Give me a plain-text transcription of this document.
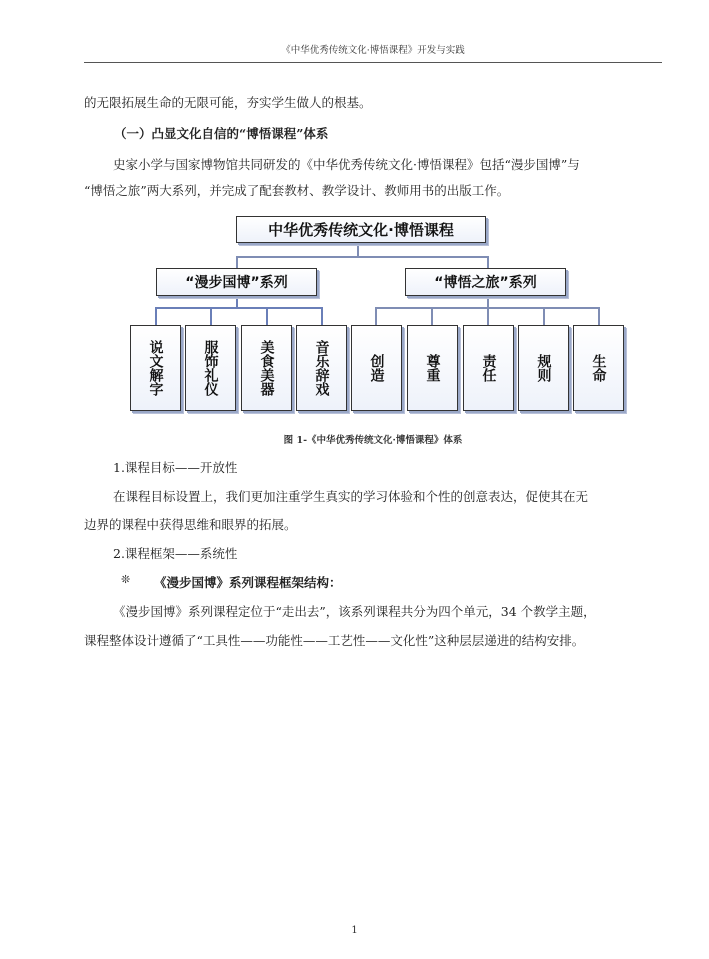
《中华优秀传统文化·博悟课程》开发与实践
的无限拓展生命的无限可能，夯实学生做人的根基。
（一）凸显文化自信的“博悟课程”体系
史家小学与国家博物馆共同研发的《中华优秀传统文化·博悟课程》包括“漫步国博”与
“博悟之旅”两大系列，并完成了配套教材、教学设计、教师用书的出版工作。
中华优秀传统文化·博悟课程
“漫步国博”系列	“博悟之旅”系列
说文解字	服饰礼仪	美食美器	音乐辞戏	创造	尊重	责任	规则	生命
图 1-《中华优秀传统文化·博悟课程》体系
1.课程目标——开放性
在课程目标设置上，我们更加注重学生真实的学习体验和个性的创意表达，促使其在无
边界的课程中获得思维和眼界的拓展。
2.课程框架——系统性
❊ 《漫步国博》系列课程框架结构：
《漫步国博》系列课程定位于“走出去”，该系列课程共分为四个单元，34 个教学主题，
课程整体设计遵循了“工具性——功能性——工艺性——文化性”这种层层递进的结构安排。
1
